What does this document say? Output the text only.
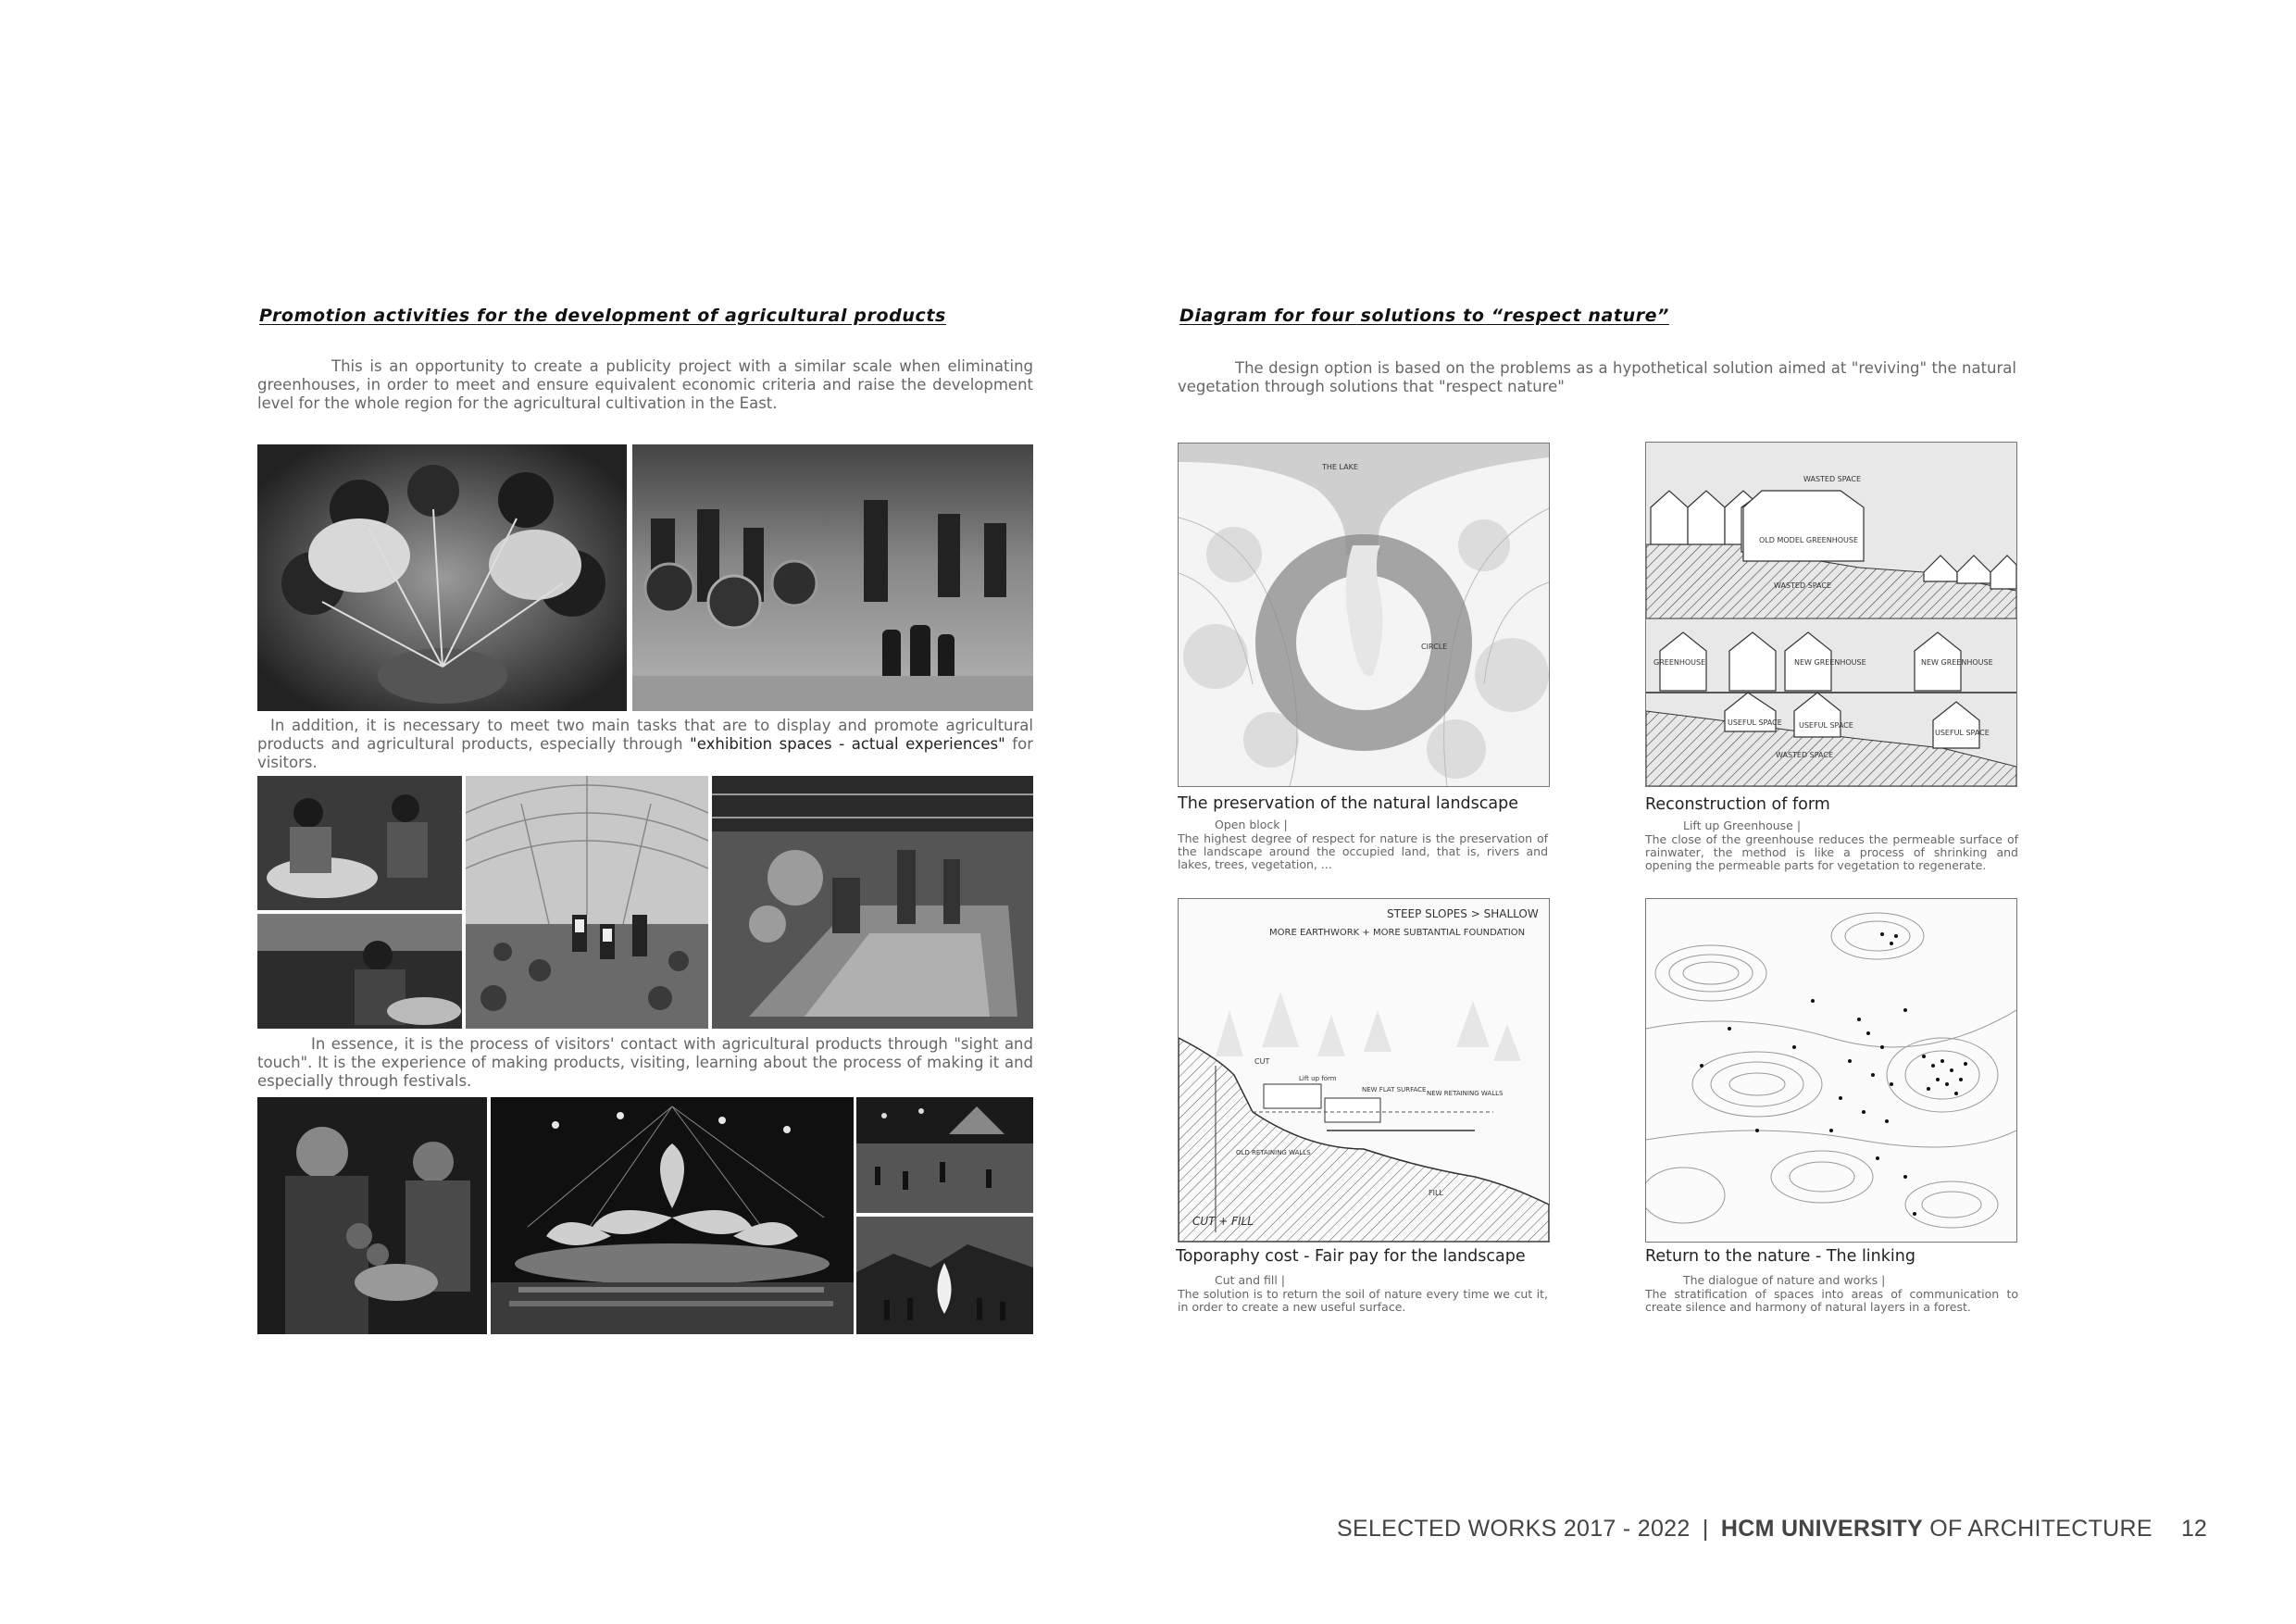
Promotion activities for the development of agricultural products
This is an opportunity to create a publicity project with a similar scale when eliminating greenhouses, in order to meet and ensure equivalent economic criteria and raise the development level for the whole region for the agricultural cultivation in the East.
In addition, it is necessary to meet two main tasks that are to display and promote agricultural products and agricultural products, especially through "exhibition spaces - actual experiences" for visitors.
In essence, it is the process of visitors' contact with agricultural products through "sight and touch". It is the experience of making products, visiting, learning about the process of making it and especially through festivals.
Diagram for four solutions to “respect nature”
The design option is based on the problems as a hypothetical solution aimed at "reviving" the natural vegetation through solutions that "respect nature"
THE LAKE
CIRCLE
The preservation of the natural landscape
Open block |
The highest degree of respect for nature is the preservation of the landscape around the occupied land, that is, rivers and lakes, trees, vegetation, ...
WASTED SPACE
OLD MODEL GREENHOUSE
WASTED SPACE
GREENHOUSE	NEW GREENHOUSE	NEW GREENHOUSE
USEFUL SPACE USEFUL SPACE
USEFUL SPACE
WASTED SPACE
Reconstruction of form
Lift up Greenhouse |
The close of the greenhouse reduces the permeable surface of rainwater, the method is like a process of shrinking and opening the permeable parts for vegetation to regenerate.
STEEP SLOPES > SHALLOW
MORE EARTHWORK + MORE SUBTANTIAL FOUNDATION
CUT
Lift up form
NEW FLAT SURFACE NEW RETAINING WALLS
OLD RETAINING WALLS
FILL
CUT + FILL
Toporaphy cost - Fair pay for the landscape
Cut and fill |
The solution is to return the soil of nature every time we cut it, in order to create a new useful surface.
Return to the nature - The linking
The dialogue of nature and works |
The stratification of spaces into areas of communication to create silence and harmony of natural layers in a forest.
SELECTED WORKS 2017 - 2022 | HCM UNIVERSITY OF ARCHITECTURE 12
